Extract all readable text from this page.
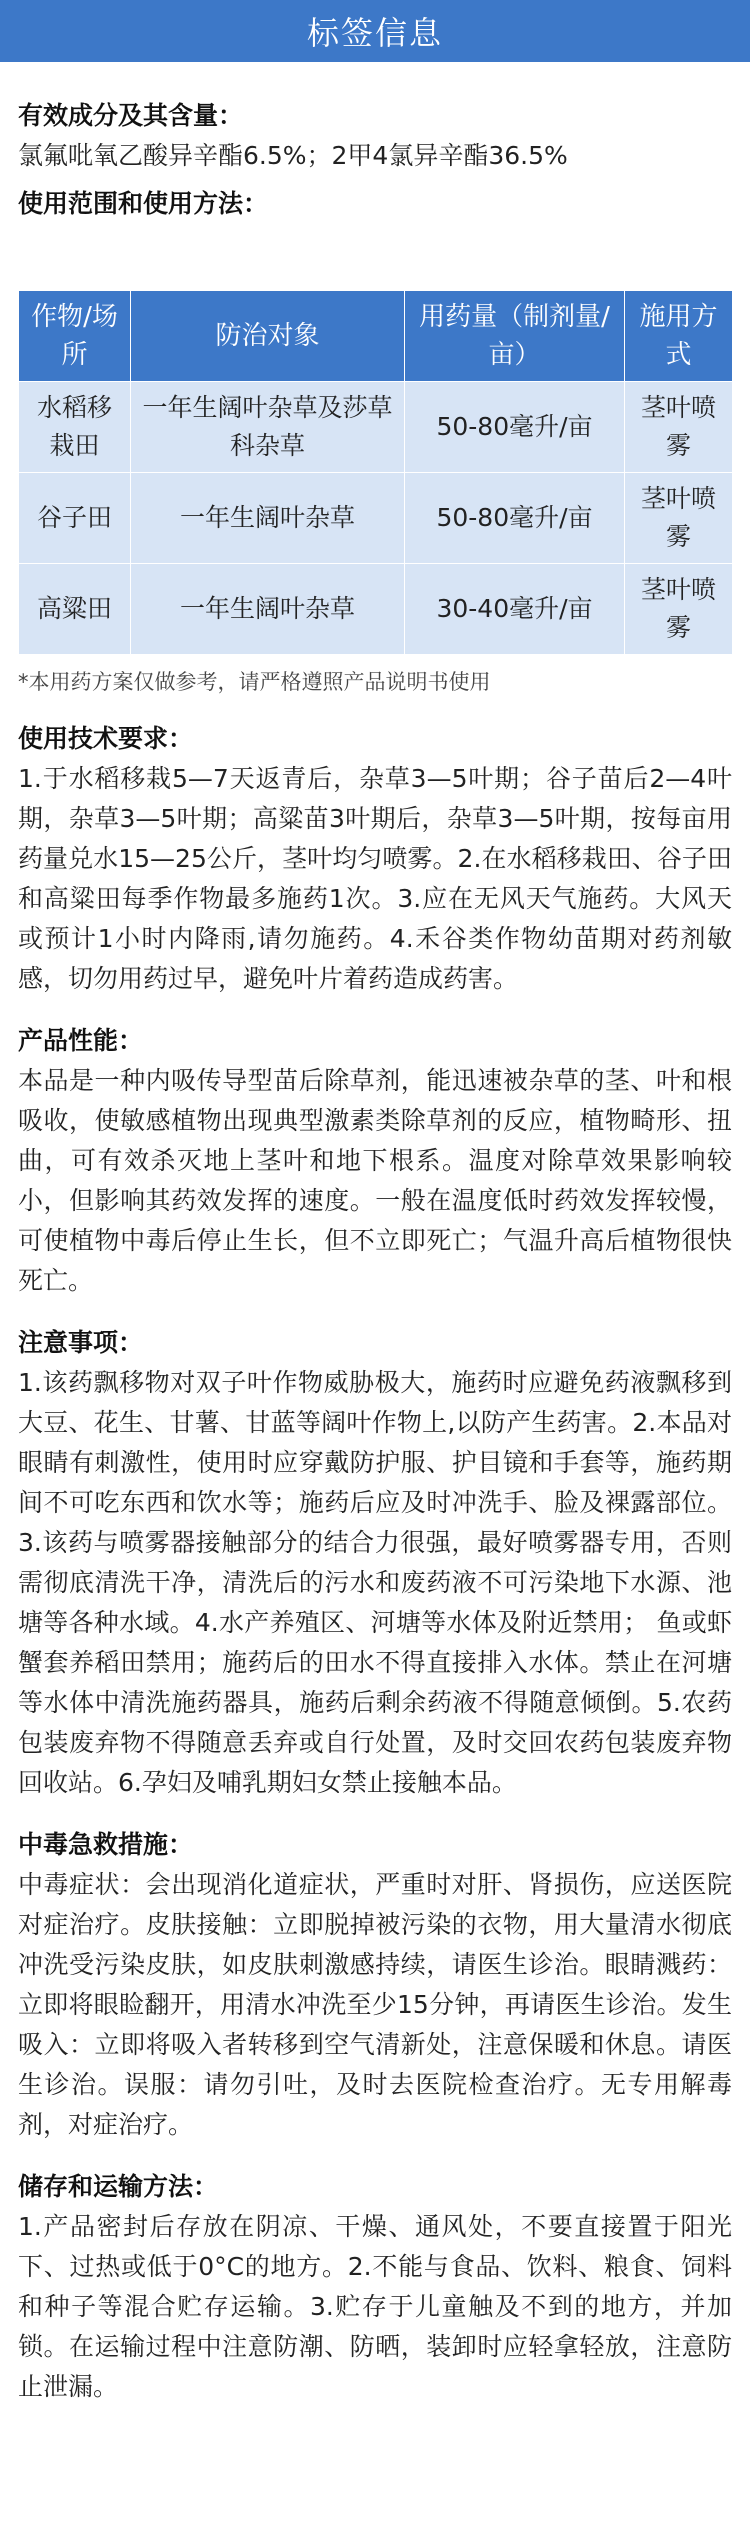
标签信息

有效成分及其含量：

氯氟吡氧乙酸异辛酯6.5%；2甲4氯异辛酯36.5%

使用范围和使用方法：

作物/场所	防治对象	用药量（制剂量/亩）	施用方式
水稻移栽田	一年生阔叶杂草及莎草科杂草	50-80毫升/亩	茎叶喷雾
谷子田	一年生阔叶杂草	50-80毫升/亩	茎叶喷雾
高粱田	一年生阔叶杂草	30-40毫升/亩	茎叶喷雾

*本用药方案仅做参考，请严格遵照产品说明书使用

使用技术要求：

1.于水稻移栽5—7天返青后，杂草3—5叶期；谷子苗后2—4叶期，杂草3—5叶期；高粱苗3叶期后，杂草3—5叶期，按每亩用药量兑水15—25公斤，茎叶均匀喷雾。2.在水稻移栽田、谷子田和高粱田每季作物最多施药1次。3.应在无风天气施药。大风天或预计1小时内降雨,请勿施药。4.禾谷类作物幼苗期对药剂敏感，切勿用药过早，避免叶片着药造成药害。

产品性能：

本品是一种内吸传导型苗后除草剂，能迅速被杂草的茎、叶和根吸收，使敏感植物出现典型激素类除草剂的反应，植物畸形、扭曲，可有效杀灭地上茎叶和地下根系。温度对除草效果影响较小，但影响其药效发挥的速度。一般在温度低时药效发挥较慢，可使植物中毒后停止生长，但不立即死亡；气温升高后植物很快死亡。

注意事项：

1.该药飘移物对双子叶作物威胁极大，施药时应避免药液飘移到大豆、花生、甘薯、甘蓝等阔叶作物上,以防产生药害。2.本品对眼睛有刺激性，使用时应穿戴防护服、护目镜和手套等，施药期间不可吃东西和饮水等；施药后应及时冲洗手、脸及裸露部位。 3.该药与喷雾器接触部分的结合力很强，最好喷雾器专用，否则需彻底清洗干净，清洗后的污水和废药液不可污染地下水源、池塘等各种水域。4.水产养殖区、河塘等水体及附近禁用； 鱼或虾蟹套养稻田禁用；施药后的田水不得直接排入水体。禁止在河塘等水体中清洗施药器具，施药后剩余药液不得随意倾倒。5.农药包装废弃物不得随意丢弃或自行处置，及时交回农药包装废弃物回收站。6.孕妇及哺乳期妇女禁止接触本品。

中毒急救措施：

中毒症状：会出现消化道症状，严重时对肝、肾损伤，应送医院对症治疗。皮肤接触：立即脱掉被污染的衣物，用大量清水彻底冲洗受污染皮肤，如皮肤刺激感持续，请医生诊治。眼睛溅药：立即将眼睑翻开，用清水冲洗至少15分钟，再请医生诊治。发生吸入：立即将吸入者转移到空气清新处，注意保暖和休息。请医生诊治。误服：请勿引吐，及时去医院检查治疗。无专用解毒剂，对症治疗。

储存和运输方法：

1.产品密封后存放在阴凉、干燥、通风处，不要直接置于阳光下、过热或低于0°C的地方。2.不能与食品、饮料、粮食、饲料和种子等混合贮存运输。3.贮存于儿童触及不到的地方，并加锁。在运输过程中注意防潮、防晒，装卸时应轻拿轻放，注意防止泄漏。
